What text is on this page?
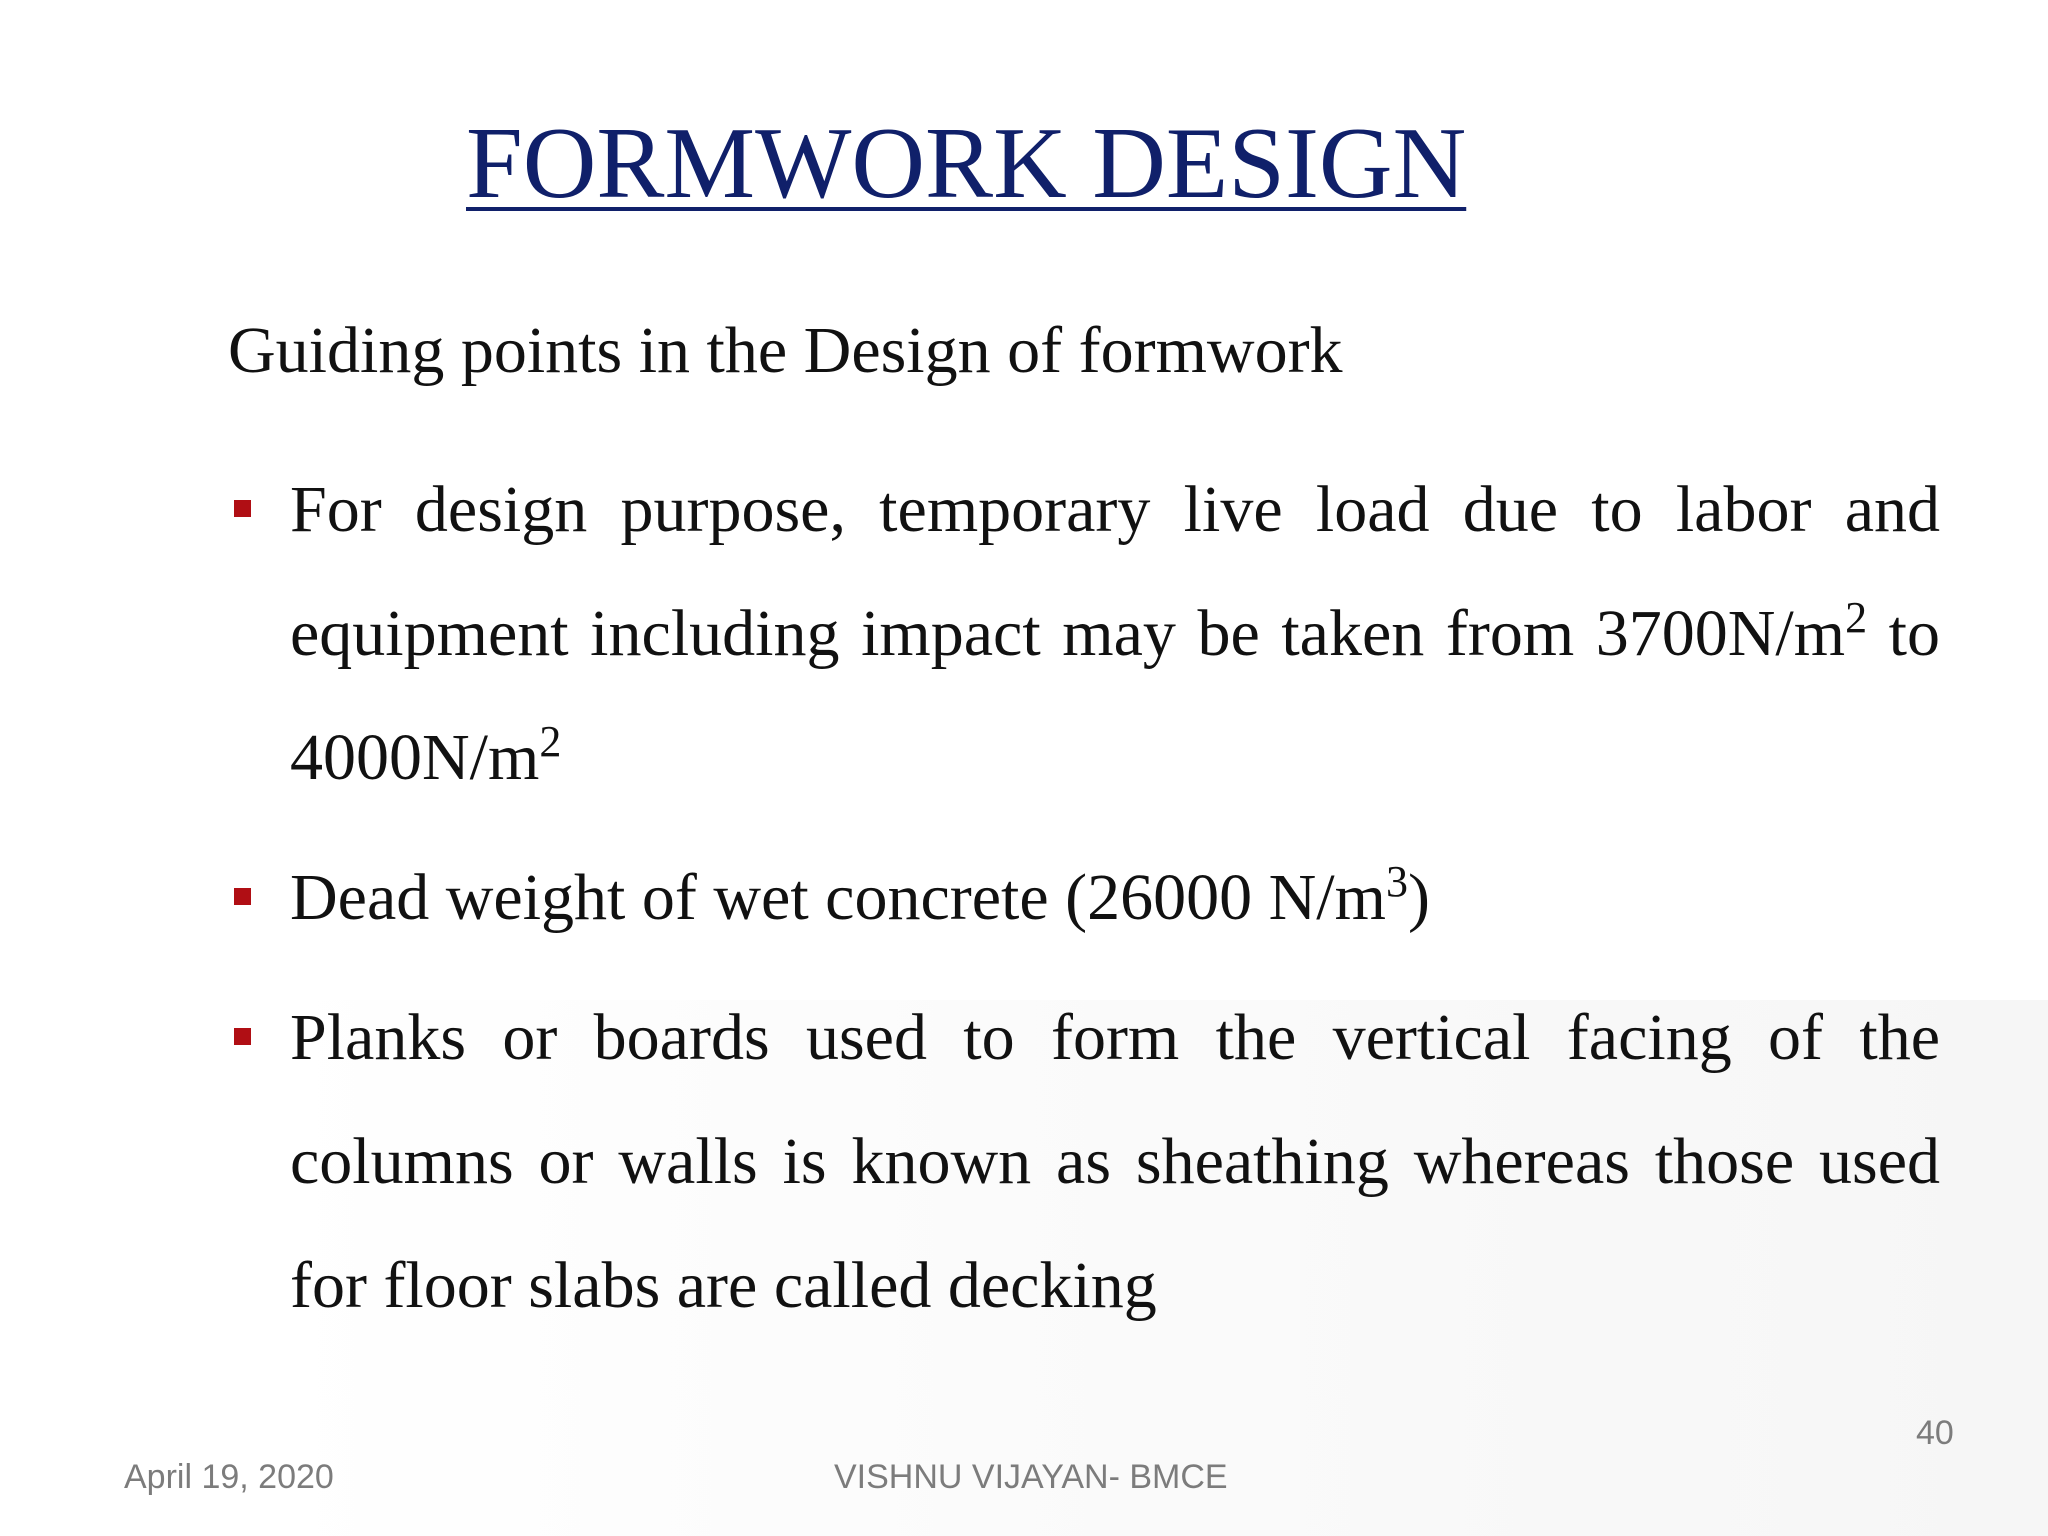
FORMWORK DESIGN
Guiding points in the Design of formwork
For design purpose, temporary live load due to labor and equipment including impact may be taken from $3700N/m^2$ to $4000N/m^2$
Dead weight of wet concrete (26000 $N/m^3$)
Planks or boards used to form the vertical facing of the columns or walls is known as sheathing whereas those used for floor slabs are called decking
April 19, 2020	VISHNU VIJAYAN- BMCE
40
